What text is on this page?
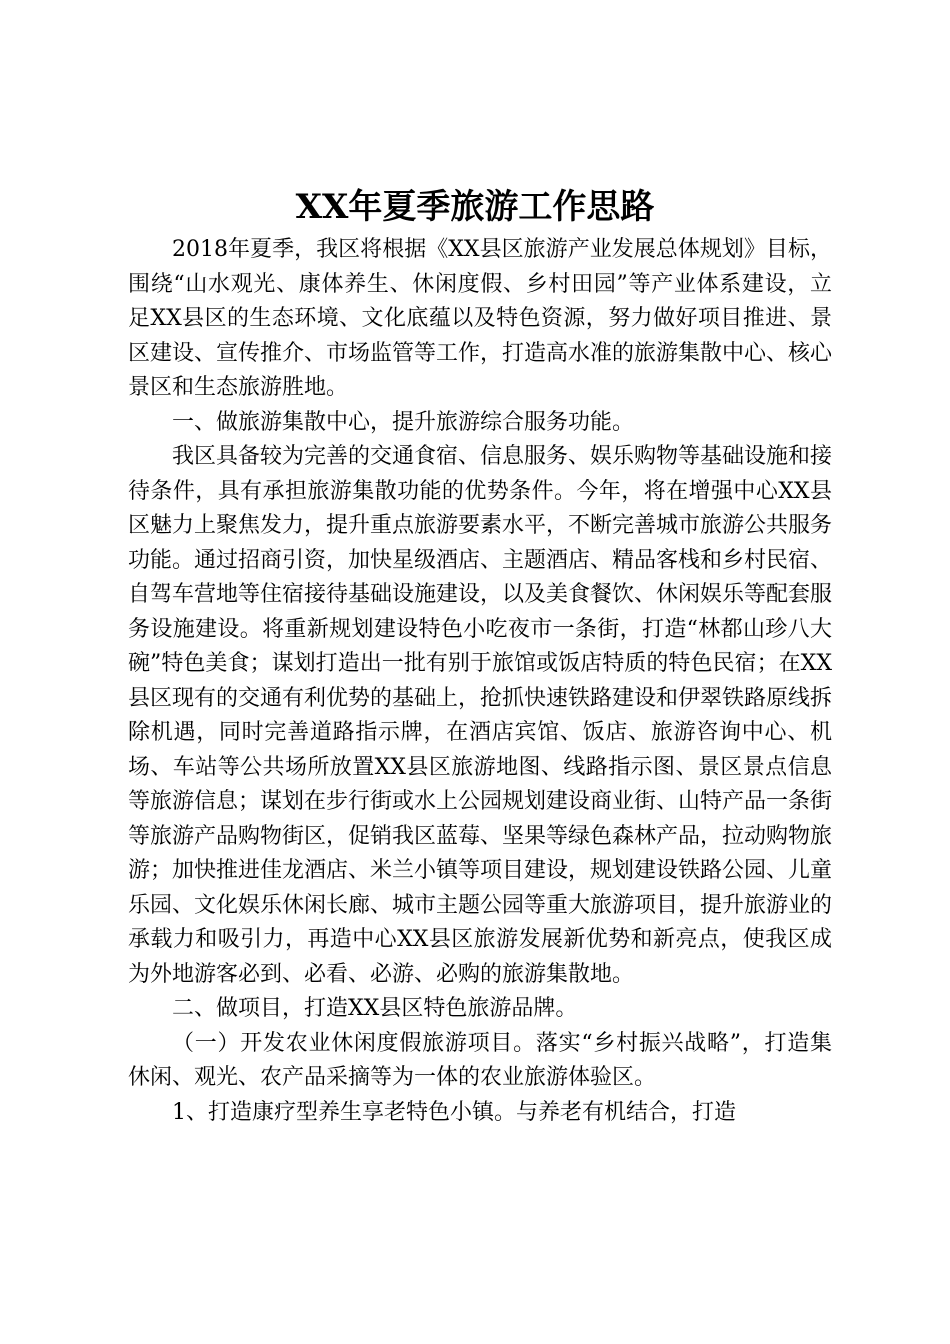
XX年夏季旅游工作思路

2018年夏季，我区将根据《XX县区旅游产业发展总体规划》目标，围绕“山水观光、康体养生、休闲度假、乡村田园”等产业体系建设，立足XX县区的生态环境、文化底蕴以及特色资源，努力做好项目推进、景区建设、宣传推介、市场监管等工作，打造高水准的旅游集散中心、核心景区和生态旅游胜地。

一、做旅游集散中心，提升旅游综合服务功能。

我区具备较为完善的交通食宿、信息服务、娱乐购物等基础设施和接待条件，具有承担旅游集散功能的优势条件。今年，将在增强中心XX县区魅力上聚焦发力，提升重点旅游要素水平，不断完善城市旅游公共服务功能。通过招商引资，加快星级酒店、主题酒店、精品客栈和乡村民宿、自驾车营地等住宿接待基础设施建设，以及美食餐饮、休闲娱乐等配套服务设施建设。将重新规划建设特色小吃夜市一条街，打造“林都山珍八大碗”特色美食；谋划打造出一批有别于旅馆或饭店特质的特色民宿；在XX县区现有的交通有利优势的基础上，抢抓快速铁路建设和伊翠铁路原线拆除机遇，同时完善道路指示牌，在酒店宾馆、饭店、旅游咨询中心、机场、车站等公共场所放置XX县区旅游地图、线路指示图、景区景点信息等旅游信息；谋划在步行街或水上公园规划建设商业街、山特产品一条街等旅游产品购物街区，促销我区蓝莓、坚果等绿色森林产品，拉动购物旅游；加快推进佳龙酒店、米兰小镇等项目建设，规划建设铁路公园、儿童乐园、文化娱乐休闲长廊、城市主题公园等重大旅游项目，提升旅游业的承载力和吸引力，再造中心XX县区旅游发展新优势和新亮点，使我区成为外地游客必到、必看、必游、必购的旅游集散地。

二、做项目，打造XX县区特色旅游品牌。

（一）开发农业休闲度假旅游项目。落实“乡村振兴战略”，打造集休闲、观光、农产品采摘等为一体的农业旅游体验区。

1、打造康疗型养生享老特色小镇。与养老有机结合，打造
